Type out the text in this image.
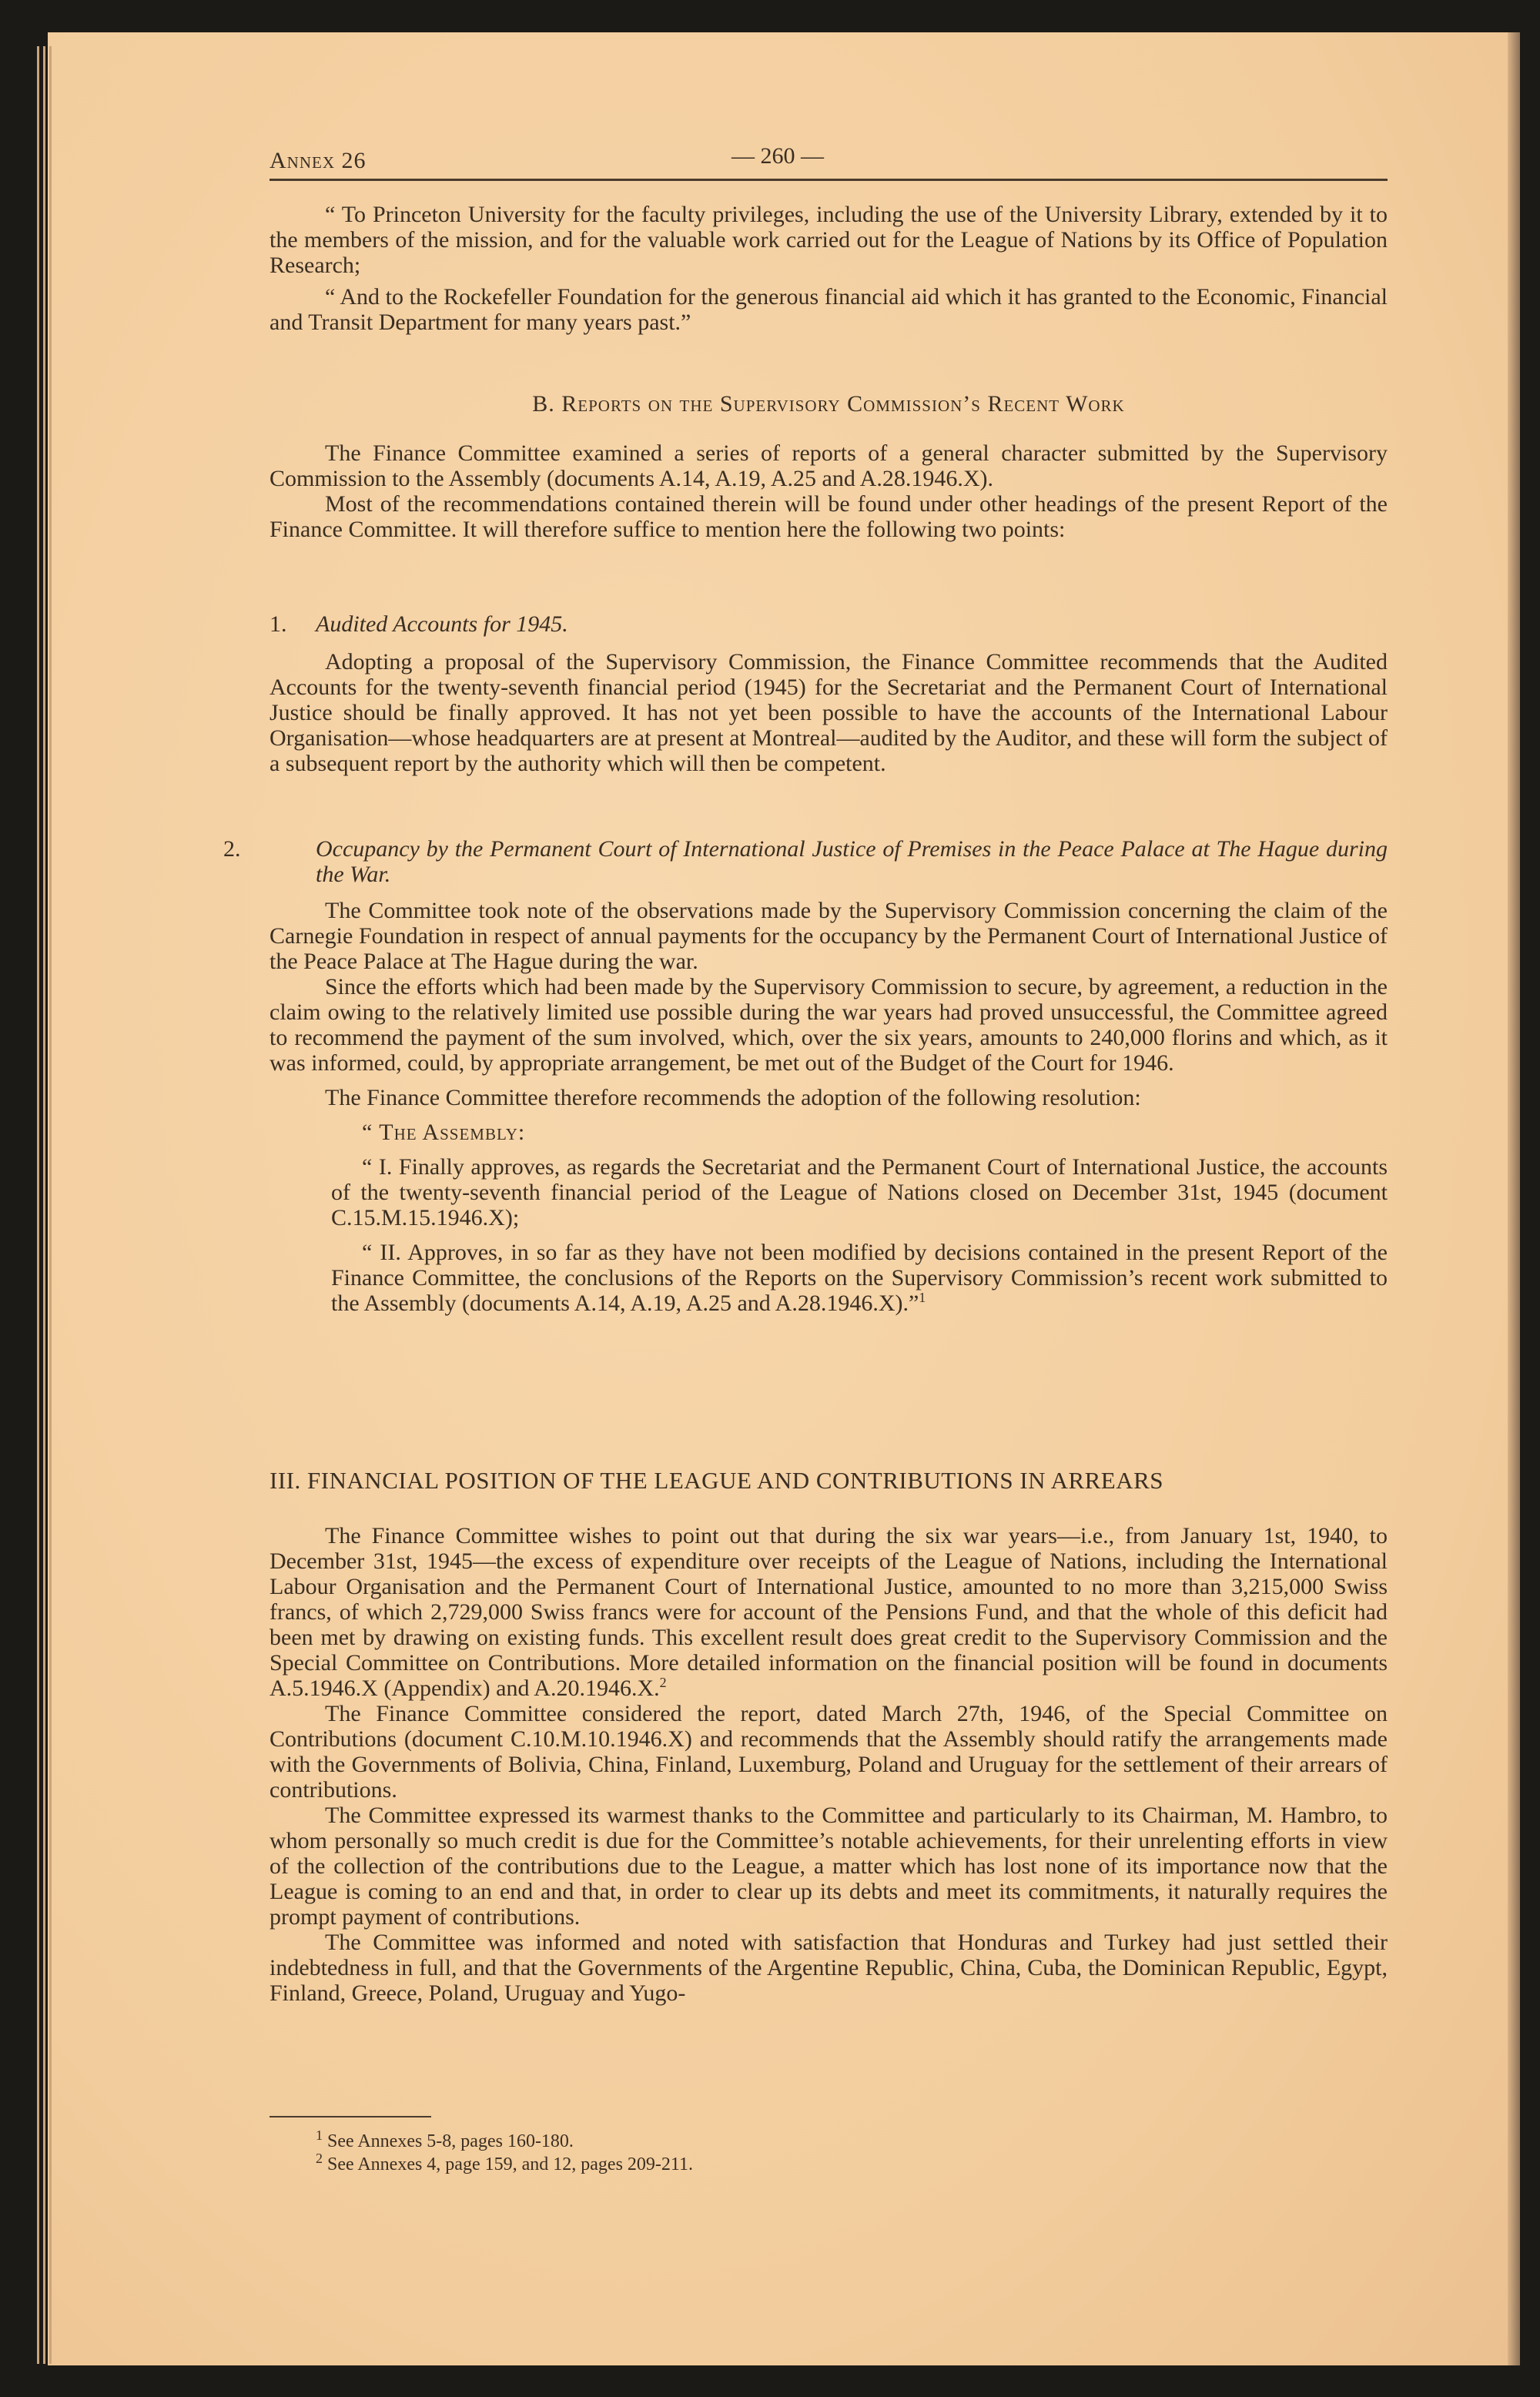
Annex 26	— 260 —

“ To Princeton University for the faculty privileges, including the use of the University Library, extended by it to the members of the mission, and for the valuable work carried out for the League of Nations by its Office of Population Research;

“ And to the Rockefeller Foundation for the generous financial aid which it has granted to the Economic, Financial and Transit Department for many years past.”

B. Reports on the Supervisory Commission’s Recent Work

The Finance Committee examined a series of reports of a general character submitted by the Supervisory Commission to the Assembly (documents A.14, A.19, A.25 and A.28.1946.X).

Most of the recommendations contained therein will be found under other headings of the present Report of the Finance Committee. It will therefore suffice to mention here the following two points:

1. Audited Accounts for 1945.

Adopting a proposal of the Supervisory Commission, the Finance Committee recommends that the Audited Accounts for the twenty-seventh financial period (1945) for the Secretariat and the Permanent Court of International Justice should be finally approved. It has not yet been possible to have the accounts of the International Labour Organisation—whose headquarters are at present at Montreal—audited by the Auditor, and these will form the subject of a subsequent report by the authority which will then be competent.

2.	Occupancy by the Permanent Court of International Justice of Premises in the Peace Palace at The Hague during the War.

The Committee took note of the observations made by the Supervisory Commission concerning the claim of the Carnegie Foundation in respect of annual payments for the occupancy by the Permanent Court of International Justice of the Peace Palace at The Hague during the war.

Since the efforts which had been made by the Supervisory Commission to secure, by agreement, a reduction in the claim owing to the relatively limited use possible during the war years had proved unsuccessful, the Committee agreed to recommend the payment of the sum involved, which, over the six years, amounts to 240,000 florins and which, as it was informed, could, by appropriate arrangement, be met out of the Budget of the Court for 1946.

The Finance Committee therefore recommends the adoption of the following resolution:

“ The Assembly:

“ I. Finally approves, as regards the Secretariat and the Permanent Court of International Justice, the accounts of the twenty-seventh financial period of the League of Nations closed on December 31st, 1945 (document C.15.M.15.1946.X);

“ II. Approves, in so far as they have not been modified by decisions contained in the present Report of the Finance Committee, the conclusions of the Reports on the Supervisory Commission’s recent work submitted to the Assembly (documents A.14, A.19, A.25 and A.28.1946.X).”$^1$

III. FINANCIAL POSITION OF THE LEAGUE AND CONTRIBUTIONS IN ARREARS

The Finance Committee wishes to point out that during the six war years—i.e., from January 1st, 1940, to December 31st, 1945—the excess of expenditure over receipts of the League of Nations, including the International Labour Organisation and the Permanent Court of International Justice, amounted to no more than 3,215,000 Swiss francs, of which 2,729,000 Swiss francs were for account of the Pensions Fund, and that the whole of this deficit had been met by drawing on existing funds. This excellent result does great credit to the Supervisory Commission and the Special Committee on Contributions. More detailed information on the financial position will be found in documents A.5.1946.X (Appendix) and A.20.1946.X.$^2$

The Finance Committee considered the report, dated March 27th, 1946, of the Special Committee on Contributions (document C.10.M.10.1946.X) and recommends that the Assembly should ratify the arrangements made with the Governments of Bolivia, China, Finland, Luxemburg, Poland and Uruguay for the settlement of their arrears of contributions.

The Committee expressed its warmest thanks to the Committee and particularly to its Chairman, M. Hambro, to whom personally so much credit is due for the Committee’s notable achievements, for their unrelenting efforts in view of the collection of the contributions due to the League, a matter which has lost none of its importance now that the League is coming to an end and that, in order to clear up its debts and meet its commitments, it naturally requires the prompt payment of contributions.

The Committee was informed and noted with satisfaction that Honduras and Turkey had just settled their indebtedness in full, and that the Governments of the Argentine Republic, China, Cuba, the Dominican Republic, Egypt, Finland, Greece, Poland, Uruguay and Yugo-

$^1$ See Annexes 5-8, pages 160-180.
$^2$ See Annexes 4, page 159, and 12, pages 209-211.
